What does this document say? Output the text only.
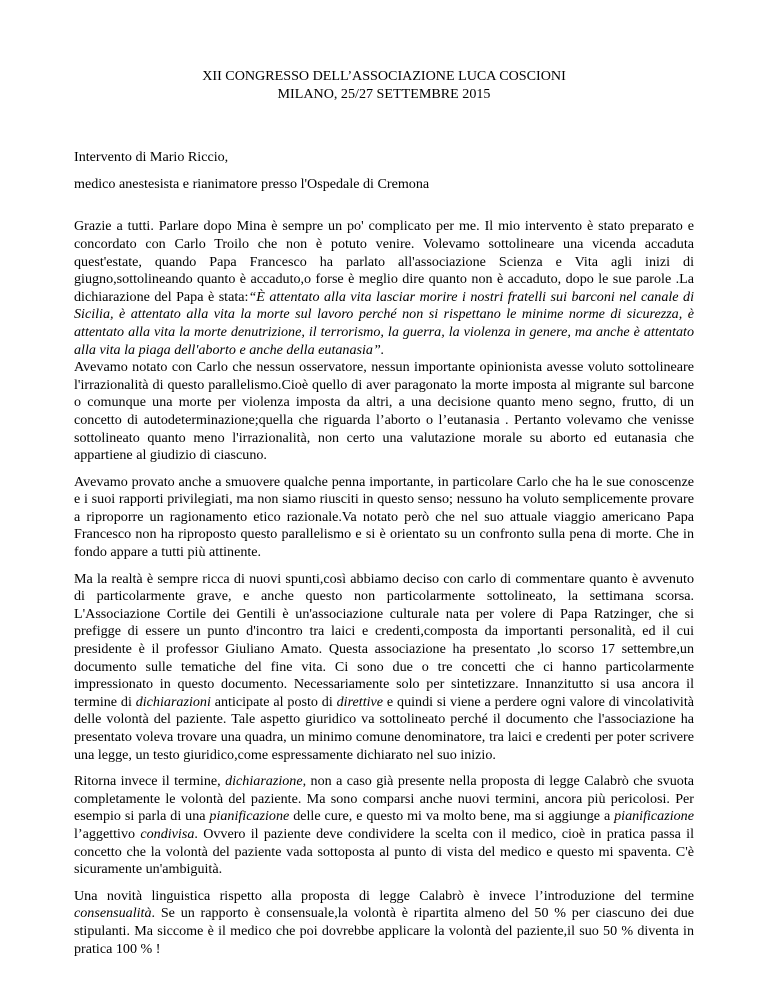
XII CONGRESSO DELL’ASSOCIAZIONE LUCA COSCIONI
MILANO, 25/27 SETTEMBRE 2015

Intervento di Mario Riccio,

medico anestesista e rianimatore presso l'Ospedale di Cremona

Grazie a tutti. Parlare dopo Mina è sempre un po' complicato per me. Il mio intervento è stato preparato e concordato con Carlo Troilo che non è potuto venire. Volevamo sottolineare una vicenda accaduta quest'estate, quando Papa Francesco ha parlato all'associazione Scienza e Vita agli inizi di giugno,sottolineando quanto è accaduto,o forse è meglio dire quanto non è accaduto, dopo le sue parole .La dichiarazione del Papa è stata:“È attentato alla vita lasciar morire i nostri fratelli sui barconi nel canale di Sicilia, è attentato alla vita la morte sul lavoro perché non si rispettano le minime norme di sicurezza, è attentato alla vita la morte denutrizione, il terrorismo, la guerra, la violenza in genere, ma anche è attentato alla vita la piaga dell'aborto e anche della eutanasia”.

Avevamo notato con Carlo che nessun osservatore, nessun importante opinionista avesse voluto sottolineare l'irrazionalità di questo parallelismo.Cioè quello di aver paragonato la morte imposta al migrante sul barcone o comunque una morte per violenza imposta da altri, a una decisione quanto meno segno, frutto, di un concetto di autodeterminazione;quella che riguarda l’aborto o l’eutanasia . Pertanto volevamo che venisse sottolineato quanto meno l'irrazionalità, non certo una valutazione morale su aborto ed eutanasia che appartiene al giudizio di ciascuno.

Avevamo provato anche a smuovere qualche penna importante, in particolare Carlo che ha le sue conoscenze e i suoi rapporti privilegiati, ma non siamo riusciti in questo senso; nessuno ha voluto semplicemente provare a riproporre un ragionamento etico razionale.Va notato però che nel suo attuale viaggio americano Papa Francesco non ha riproposto questo parallelismo e si è orientato su un confronto sulla pena di morte. Che in fondo appare a tutti più attinente.

Ma la realtà è sempre ricca di nuovi spunti,così abbiamo deciso con carlo di commentare quanto è avvenuto di particolarmente grave, e anche questo non particolarmente sottolineato, la settimana scorsa. L'Associazione Cortile dei Gentili è un'associazione culturale nata per volere di Papa Ratzinger, che si prefigge di essere un punto d'incontro tra laici e credenti,composta da importanti personalità, ed il cui presidente è il professor Giuliano Amato. Questa associazione ha presentato ,lo scorso 17 settembre,un documento sulle tematiche del fine vita. Ci sono due o tre concetti che ci hanno particolarmente impressionato in questo documento. Necessariamente solo per sintetizzare. Innanzitutto si usa ancora il termine di dichiarazioni anticipate al posto di direttive e quindi si viene a perdere ogni valore di vincolatività delle volontà del paziente. Tale aspetto giuridico va sottolineato perché il documento che l'associazione ha presentato voleva trovare una quadra, un minimo comune denominatore, tra laici e credenti per poter scrivere una legge, un testo giuridico,come espressamente dichiarato nel suo inizio.

Ritorna invece il termine, dichiarazione, non a caso già presente nella proposta di legge Calabrò che svuota completamente le volontà del paziente. Ma sono comparsi anche nuovi termini, ancora più pericolosi. Per esempio si parla di una pianificazione delle cure, e questo mi va molto bene, ma si aggiunge a pianificazione l’aggettivo condivisa. Ovvero il paziente deve condividere la scelta con il medico, cioè in pratica passa il concetto che la volontà del paziente vada sottoposta al punto di vista del medico e questo mi spaventa. C'è sicuramente un'ambiguità.

Una novità linguistica rispetto alla proposta di legge Calabrò è invece l’introduzione del termine consensualità. Se un rapporto è consensuale,la volontà è ripartita almeno del 50 % per ciascuno dei due stipulanti. Ma siccome è il medico che poi dovrebbe applicare la volontà del paziente,il suo 50 % diventa in pratica 100 % !
